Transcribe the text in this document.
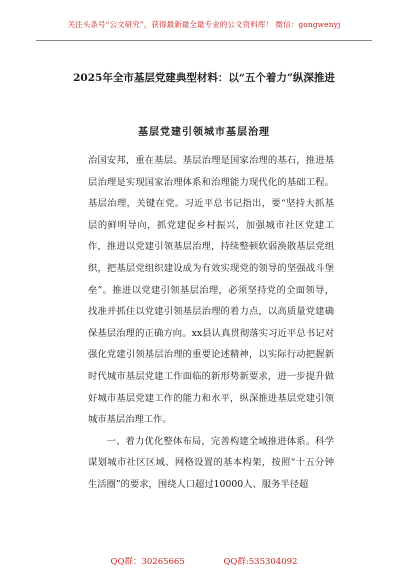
关注头条号“公文研究”，获得最新最全最专业的公文资料库！ 微信：gongwenyj
2025年全市基层党建典型材料：以“五个着力”纵深推进
基层党建引领城市基层治理

治国安邦，重在基层。基层治理是国家治理的基石，推进基层治理是实现国家治理体系和治理能力现代化的基础工程。基层治理，关键在党。习近平总书记指出，要“坚持大抓基层的鲜明导向，抓党建促乡村振兴，加强城市社区党建工作，推进以党建引领基层治理，持续整顿软弱涣散基层党组织，把基层党组织建设成为有效实现党的领导的坚强战斗堡垒”。推进以党建引领基层治理，必须坚持党的全面领导，找准并抓住以党建引领基层治理的着力点，以高质量党建确保基层治理的正确方向。xx县认真贯彻落实习近平总书记对强化党建引领基层治理的重要论述精神，以实际行动把握新时代城市基层党建工作面临的新形势新要求，进一步提升做好城市基层党建工作的能力和水平，纵深推进基层党建引领城市基层治理工作。

一、着力优化整体布局，完善构建全域推进体系。科学谋划城市社区区域、网格设置的基本构架，按照“十五分钟生活圈”的要求，围绕人口超过10000人、服务半径超

QQ群：30265665	QQ群:535304092
